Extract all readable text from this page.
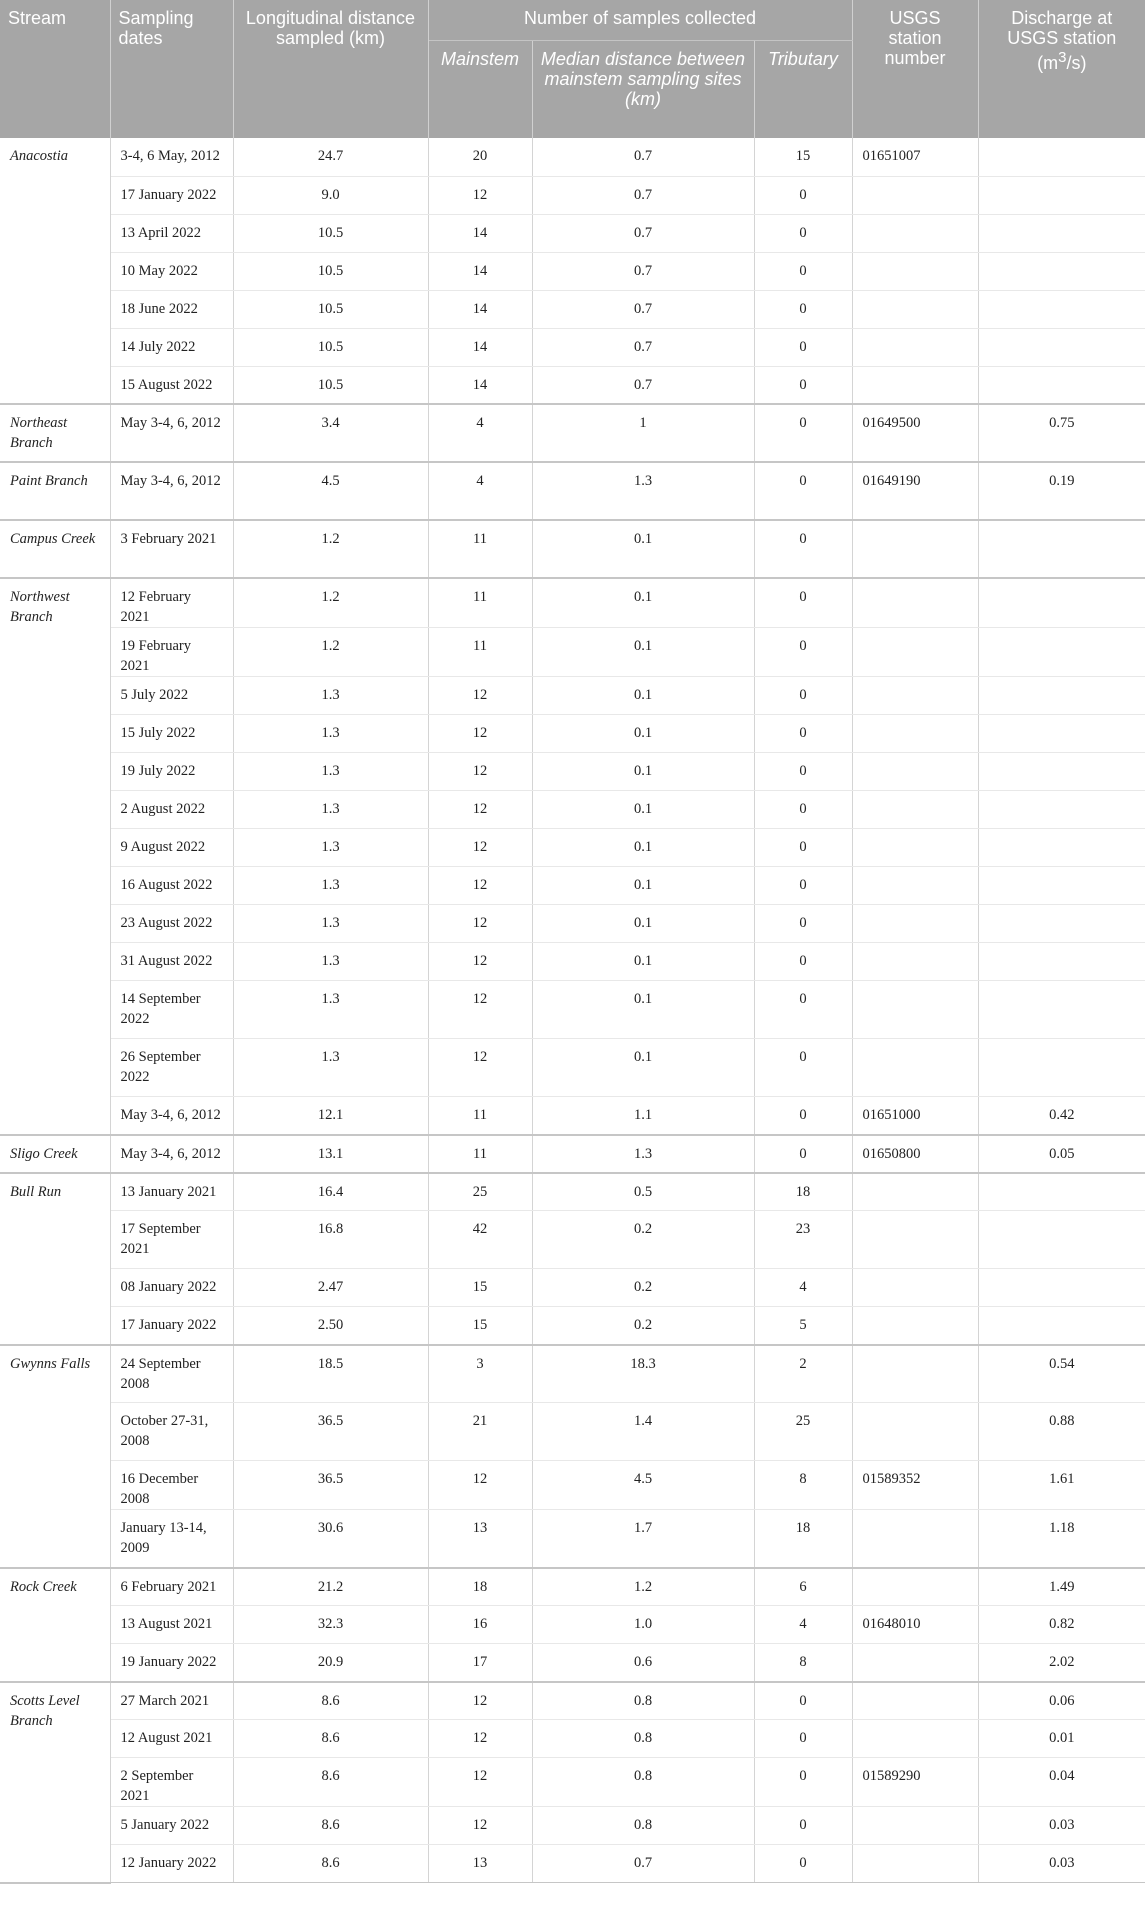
Stream	Sampling dates	Longitudinal distance sampled (km)	Number of samples collected			USGS station number	Discharge at USGS station $(m^3/s)$
			Mainstem	Median distance between mainstem sampling sites (km)	Tributary		
Anacostia	3-4, 6 May, 2012	24.7	20	0.7	15	01651007	
	17 January 2022	9.0	12	0.7	0		
	13 April 2022	10.5	14	0.7	0		
	10 May 2022	10.5	14	0.7	0		
	18 June 2022	10.5	14	0.7	0		
	14 July 2022	10.5	14	0.7	0		
	15 August 2022	10.5	14	0.7	0		
Northeast Branch	May 3-4, 6, 2012	3.4	4	1	0	01649500	0.75
Paint Branch	May 3-4, 6, 2012	4.5	4	1.3	0	01649190	0.19
Campus Creek	3 February 2021	1.2	11	0.1	0		
Northwest Branch	12 February 2021	1.2	11	0.1	0		
	19 February 2021	1.2	11	0.1	0		
	5 July 2022	1.3	12	0.1	0		
	15 July 2022	1.3	12	0.1	0		
	19 July 2022	1.3	12	0.1	0		
	2 August 2022	1.3	12	0.1	0		
	9 August 2022	1.3	12	0.1	0		
	16 August 2022	1.3	12	0.1	0		
	23 August 2022	1.3	12	0.1	0		
	31 August 2022	1.3	12	0.1	0		
	14 September 2022	1.3	12	0.1	0		
	26 September 2022	1.3	12	0.1	0		
	May 3-4, 6, 2012	12.1	11	1.1	0	01651000	0.42
Sligo Creek	May 3-4, 6, 2012	13.1	11	1.3	0	01650800	0.05
Bull Run	13 January 2021	16.4	25	0.5	18		
	17 September 2021	16.8	42	0.2	23		
	08 January 2022	2.47	15	0.2	4		
	17 January 2022	2.50	15	0.2	5		
Gwynns Falls	24 September 2008	18.5	3	18.3	2		0.54
	October 27-31, 2008	36.5	21	1.4	25		0.88
	16 December 2008	36.5	12	4.5	8	01589352	1.61
	January 13-14, 2009	30.6	13	1.7	18		1.18
Rock Creek	6 February 2021	21.2	18	1.2	6		1.49
	13 August 2021	32.3	16	1.0	4	01648010	0.82
	19 January 2022	20.9	17	0.6	8		2.02
Scotts Level Branch	27 March 2021	8.6	12	0.8	0		0.06
	12 August 2021	8.6	12	0.8	0		0.01
	2 September 2021	8.6	12	0.8	0	01589290	0.04
	5 January 2022	8.6	12	0.8	0		0.03
	12 January 2022	8.6	13	0.7	0		0.03
